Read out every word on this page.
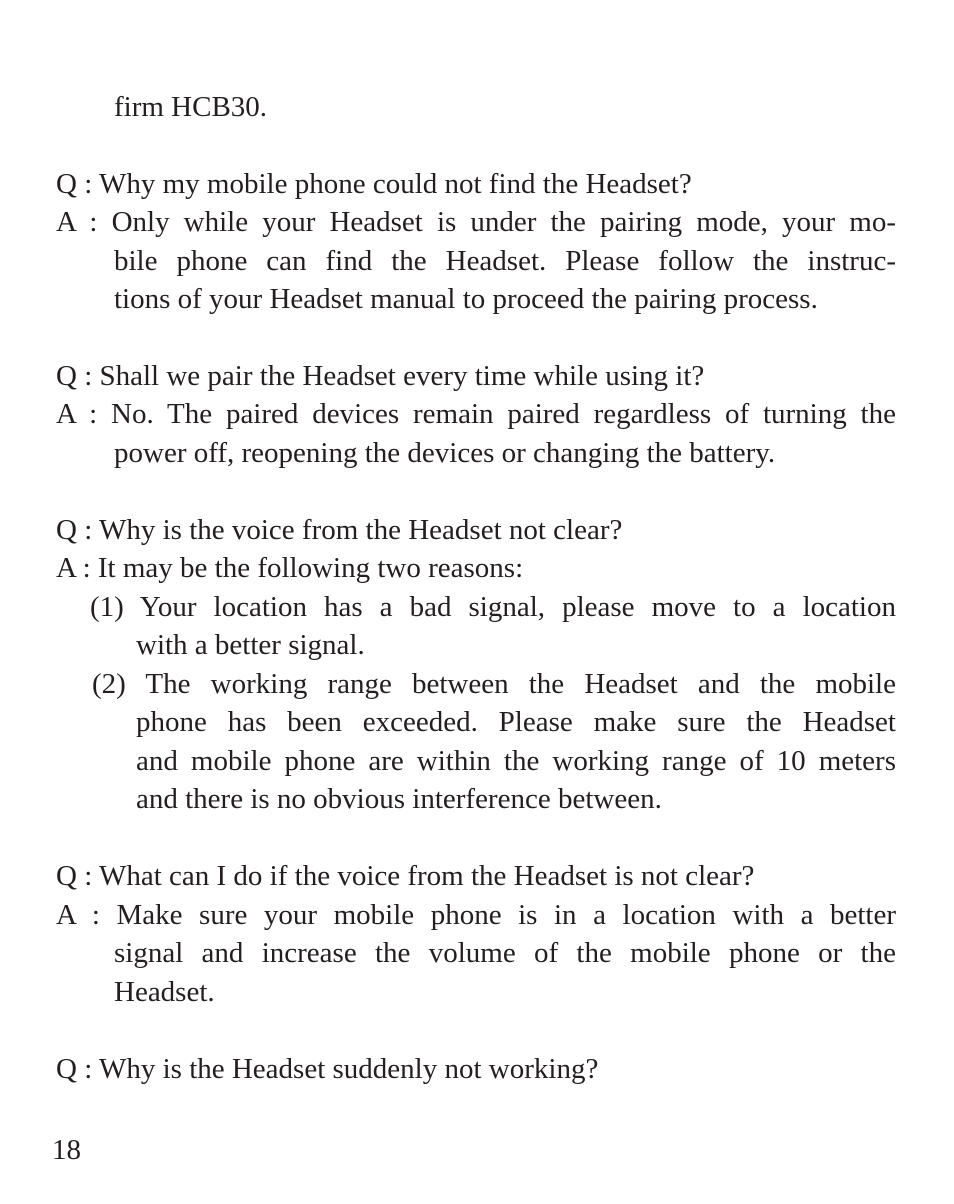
firm HCB30.
Q : Why my mobile phone could not find the Headset?
A : Only while your Headset is under the pairing mode, your mo-
bile phone can find the Headset. Please follow the instruc-
tions of your Headset manual to proceed the pairing process.
Q : Shall we pair the Headset every time while using it?
A : No. The paired devices remain paired regardless of turning the
power off, reopening the devices or changing the battery.
Q : Why is the voice from the Headset not clear?
A : It may be the following two reasons:
(1) Your location has a bad signal, please move to a location
with a better signal.
(2) The working range between the Headset and the mobile
phone has been exceeded. Please make sure the Headset
and mobile phone are within the working range of 10 meters
and there is no obvious interference between.
Q : What can I do if the voice from the Headset is not clear?
A : Make sure your mobile phone is in a location with a better
signal and increase the volume of the mobile phone or the
Headset.
Q : Why is the Headset suddenly not working?
18
